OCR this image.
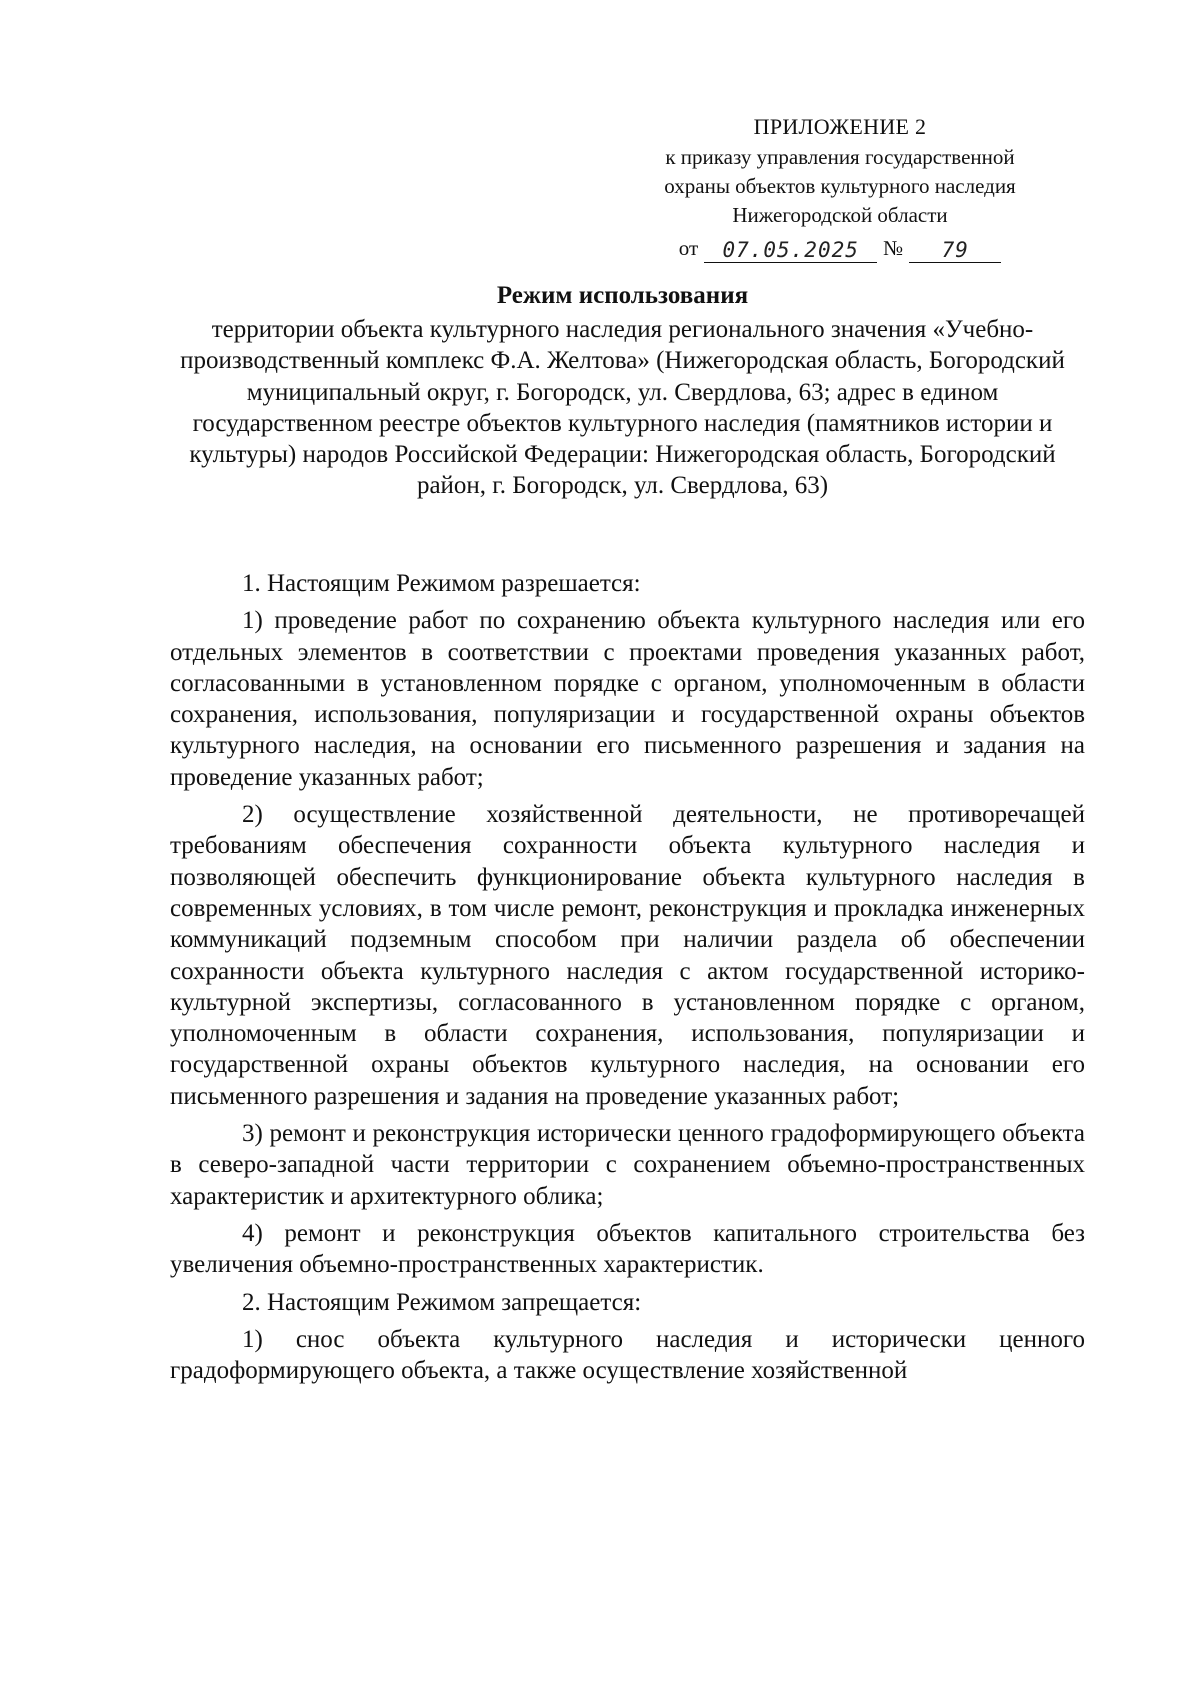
ПРИЛОЖЕНИЕ 2
к приказу управления государственной
охраны объектов культурного наследия
Нижегородской области
от	07.05.2025	№	79
Режим использования
территории объекта культурного наследия регионального значения «Учебно-производственный комплекс Ф.А. Желтова» (Нижегородская область, Богородский муниципальный округ, г. Богородск, ул. Свердлова, 63; адрес в едином государственном реестре объектов культурного наследия (памятников истории и культуры) народов Российской Федерации: Нижегородская область, Богородский район, г. Богородск, ул. Свердлова, 63)

1. Настоящим Режимом разрешается:

1) проведение работ по сохранению объекта культурного наследия или его отдельных элементов в соответствии с проектами проведения указанных работ, согласованными в установленном порядке с органом, уполномоченным в области сохранения, использования, популяризации и государственной охраны объектов культурного наследия, на основании его письменного разрешения и задания на проведение указанных работ;

2) осуществление хозяйственной деятельности, не противоречащей требованиям обеспечения сохранности объекта культурного наследия и позволяющей обеспечить функционирование объекта культурного наследия в современных условиях, в том числе ремонт, реконструкция и прокладка инженерных коммуникаций подземным способом при наличии раздела об обеспечении сохранности объекта культурного наследия с актом государственной историко-культурной экспертизы, согласованного в установленном порядке с органом, уполномоченным в области сохранения, использования, популяризации и государственной охраны объектов культурного наследия, на основании его письменного разрешения и задания на проведение указанных работ;

3) ремонт и реконструкция исторически ценного градоформирующего объекта в северо-западной части территории с сохранением объемно-пространственных характеристик и архитектурного облика;

4) ремонт и реконструкция объектов капитального строительства без увеличения объемно-пространственных характеристик.

2. Настоящим Режимом запрещается:

1) снос объекта культурного наследия и исторически ценного градоформирующего объекта, а также осуществление хозяйственной
